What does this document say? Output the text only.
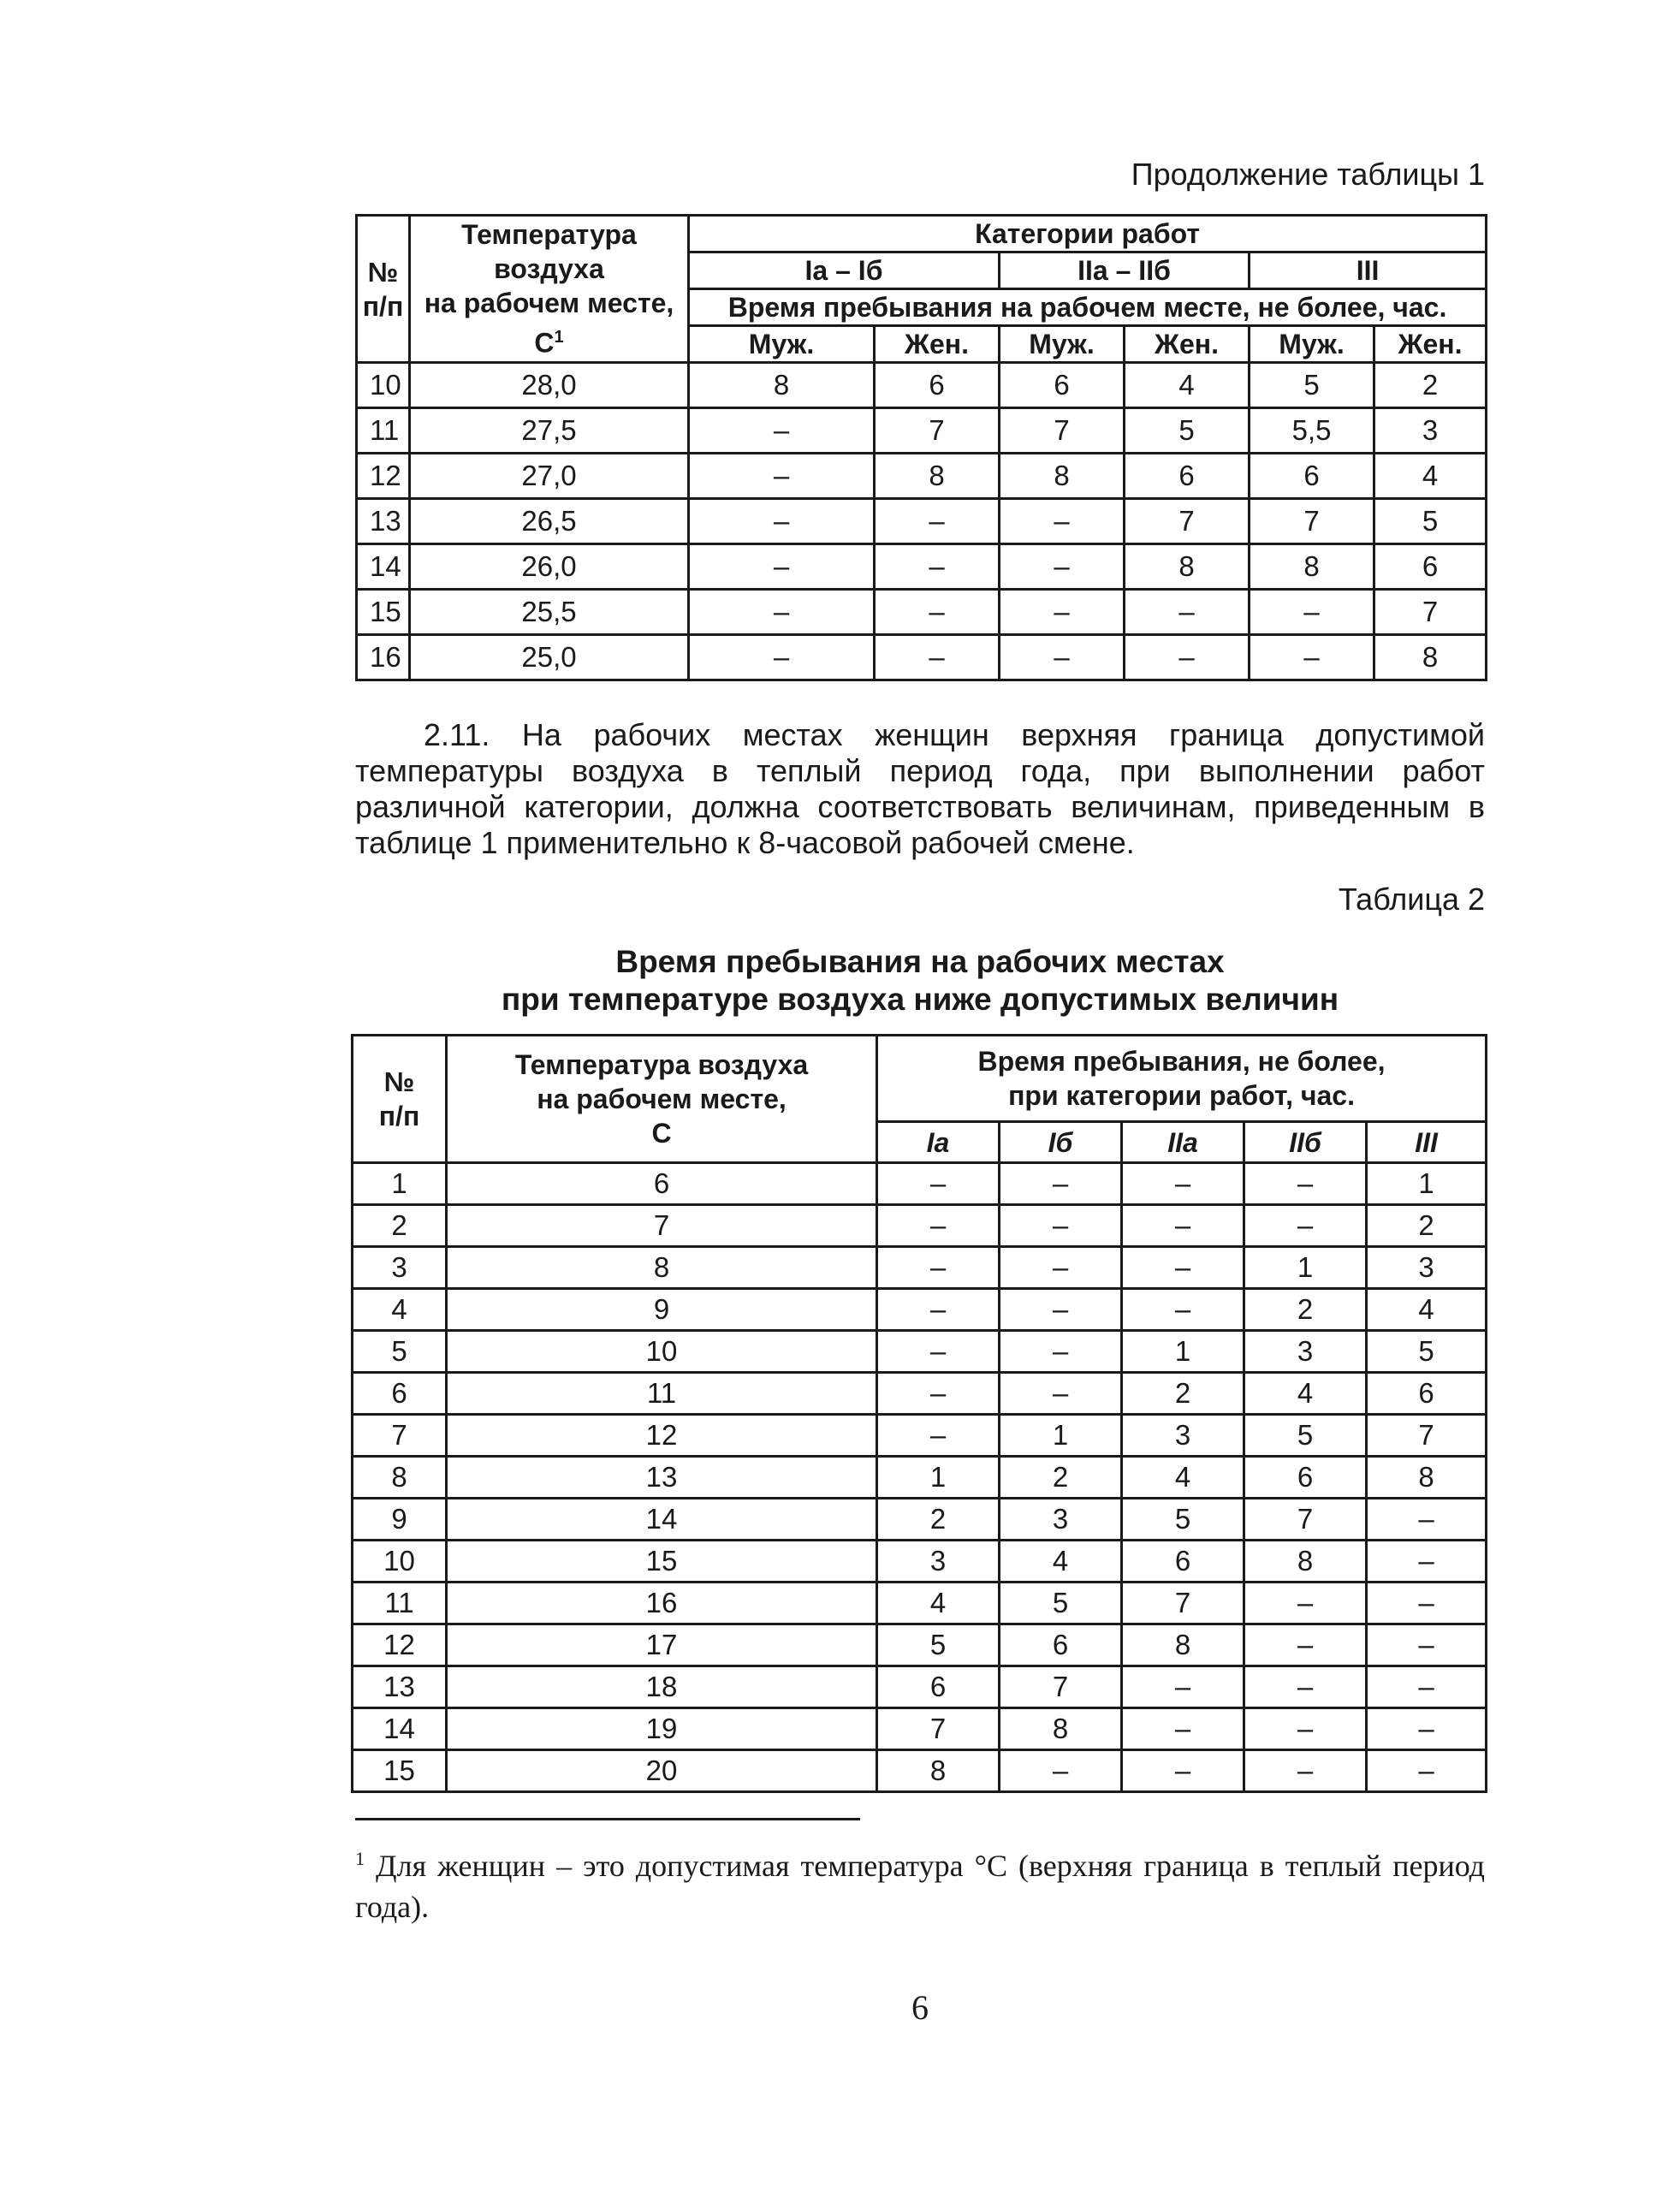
Продолжение таблицы 1
№
п/п	Температура
воздуха
на рабочем месте,
$С^1$	Категории работ					
		Iа – Iб		IIа – IIб		III	
		Время пребывания на рабочем месте, не более, час.					
		Муж.	Жен.	Муж.	Жен.	Муж.	Жен.
10	28,0	8	6	6	4	5	2
11	27,5	–	7	7	5	5,5	3
12	27,0	–	8	8	6	6	4
13	26,5	–	–	–	7	7	5
14	26,0	–	–	–	8	8	6
15	25,5	–	–	–	–	–	7
16	25,0	–	–	–	–	–	8
2.11. На рабочих местах женщин верхняя граница допустимой температуры воздуха в теплый период года, при выполнении работ различной категории, должна соответствовать величинам, приведенным в таблице 1 применительно к 8-часовой рабочей смене.
Таблица 2
Время пребывания на рабочих местах
при температуре воздуха ниже допустимых величин
№
п/п	Температура воздуха
на рабочем месте,
С	Время пребывания, не более,
при категории работ, час.				
		Iа	Iб	IIа	IIб	III
1	6	–	–	–	–	1
2	7	–	–	–	–	2
3	8	–	–	–	1	3
4	9	–	–	–	2	4
5	10	–	–	1	3	5
6	11	–	–	2	4	6
7	12	–	1	3	5	7
8	13	1	2	4	6	8
9	14	2	3	5	7	–
10	15	3	4	6	8	–
11	16	4	5	7	–	–
12	17	5	6	8	–	–
13	18	6	7	–	–	–
14	19	7	8	–	–	–
15	20	8	–	–	–	–
$^1$ Для женщин – это допустимая температура °С (верхняя граница в теплый период года).
6
